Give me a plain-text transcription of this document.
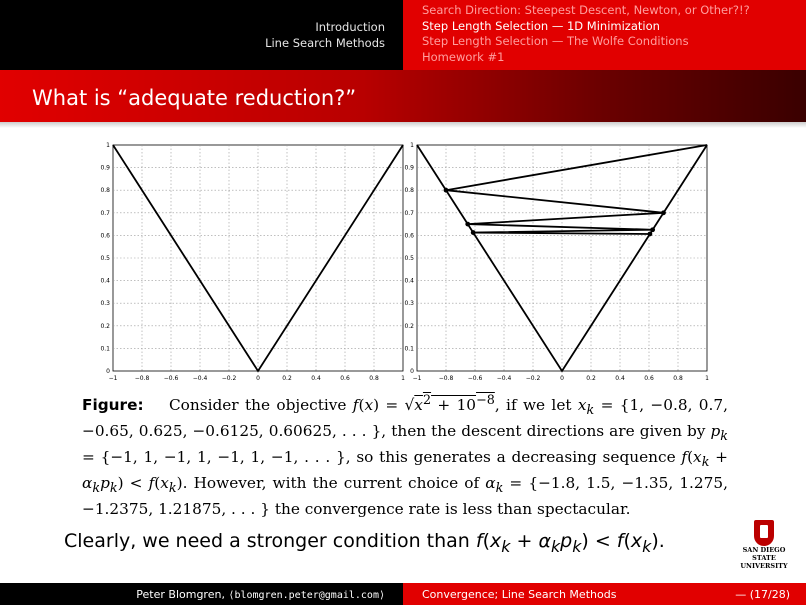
Introduction
Line Search Methods
Search Direction: Steepest Descent, Newton, or Other?!?
Step Length Selection — 1D Minimization
Step Length Selection — The Wolfe Conditions
Homework #1
What is “adequate reduction?”
−1	−0.8 −0.6 −0.4 −0.2	0	0.2	0.4	0.6	0.8	1
0
0.1
0.2
0.3
0.4
0.5
0.6
0.7
0.8
0.9
1
−1	−0.8 −0.6 −0.4 −0.2	0	0.2	0.4	0.6	0.8	1
0
0.1
0.2
0.3
0.4
0.5
0.6
0.7
0.8
0.9
1
Figure: Consider the objective $f(x) = √x^2 + 10^{-8}$, if we let $x_k = \{1$, −0.8, 0.7, −0.65, 0.625, −0.6125, 0.60625, . . . }, then the descent directions are given by $p_k = \{-1$, 1, −1, 1, −1, 1, −1, . . . }, so this generates a decreasing sequence $f(x_k + \alpha_kp_k) < f(x_k)$. However, with the current choice of $\alpha_k = \{-1.8$, 1.5, −1.35, 1.275, −1.2375, 1.21875, . . . } the convergence rate is less than spectacular.
Clearly, we need a stronger condition than $f(x_k + \alpha_kp_k) < f(x_k)$.	SAN DIEGO STATE
UNIVERSITY
Peter Blomgren, ⟨blomgren.peter@gmail.com⟩	Convergence; Line Search Methods	— (17/28)
